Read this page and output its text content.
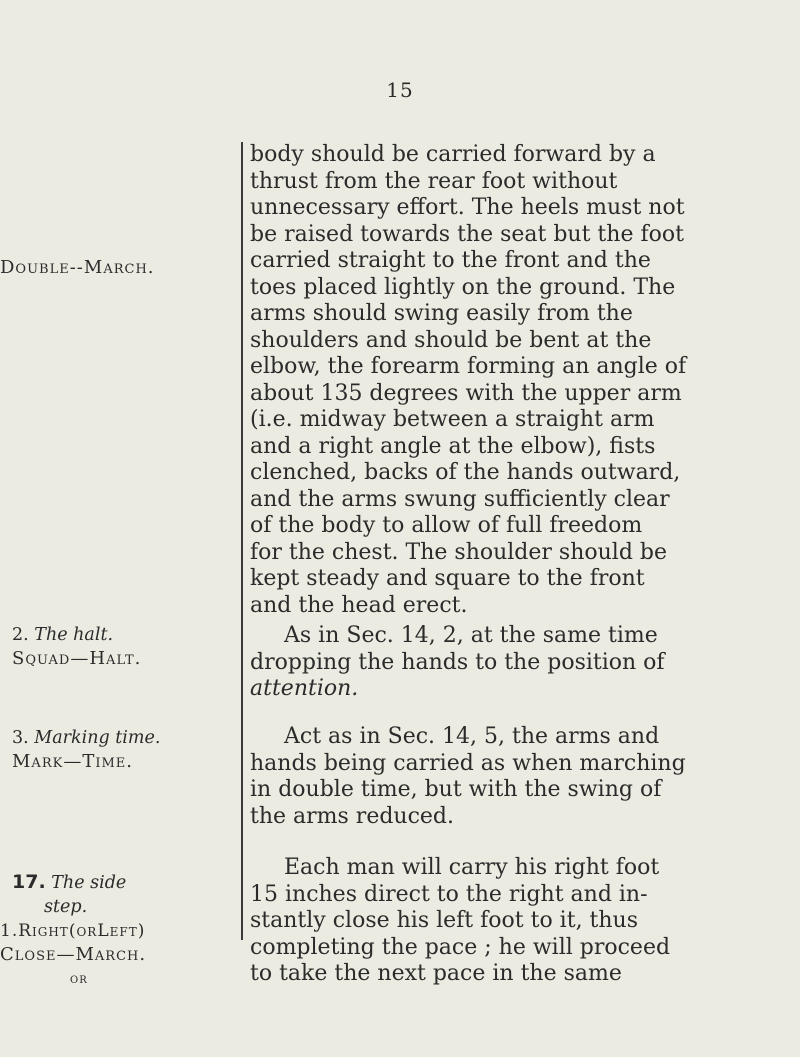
15
Double--March.
2. The halt.
Squad—Halt.
3. Marking time.
Mark—Time.
17. The side
step.
1.Right(orLeft)
Close—March.
or
body should be carried forward by a
thrust from the rear foot without
unnecessary effort. The heels must not
be raised towards the seat but the foot
carried straight to the front and the
toes placed lightly on the ground. The
arms should swing easily from the
shoulders and should be bent at the
elbow, the forearm forming an angle of
about 135 degrees with the upper arm
(i.e. midway between a straight arm
and a right angle at the elbow), fists
clenched, backs of the hands outward,
and the arms swung sufficiently clear
of the body to allow of full freedom
for the chest. The shoulder should be
kept steady and square to the front
and the head erect.
As in Sec. 14, 2, at the same time
dropping the hands to the position of
attention.
Act as in Sec. 14, 5, the arms and
hands being carried as when marching
in double time, but with the swing of
the arms reduced.
Each man will carry his right foot
15 inches direct to the right and in-
stantly close his left foot to it, thus
completing the pace ; he will proceed
to take the next pace in the same
